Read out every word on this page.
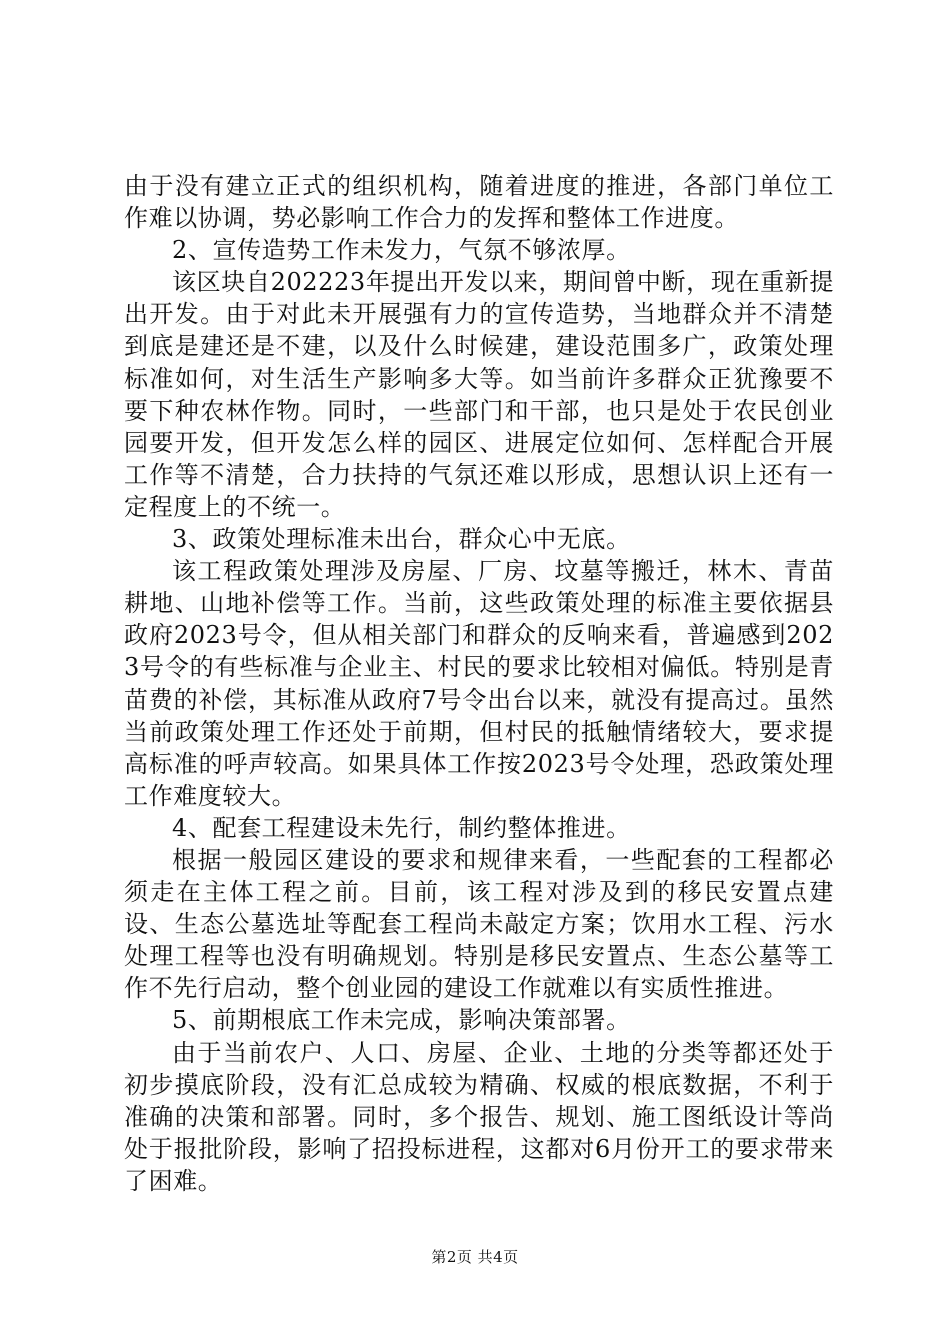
由于没有建立正式的组织机构，随着进度的推进，各部门单位工作难以协调，势必影响工作合力的发挥和整体工作进度。

2、宣传造势工作未发力，气氛不够浓厚。

该区块自202223年提出开发以来，期间曾中断，现在重新提出开发。由于对此未开展强有力的宣传造势，当地群众并不清楚到底是建还是不建，以及什么时候建，建设范围多广，政策处理标准如何，对生活生产影响多大等。如当前许多群众正犹豫要不要下种农林作物。同时，一些部门和干部，也只是处于农民创业园要开发，但开发怎么样的园区、进展定位如何、怎样配合开展工作等不清楚，合力扶持的气氛还难以形成，思想认识上还有一定程度上的不统一。

3、政策处理标准未出台，群众心中无底。

该工程政策处理涉及房屋、厂房、坟墓等搬迁，林木、青苗耕地、山地补偿等工作。当前，这些政策处理的标准主要依据县政府2023号令，但从相关部门和群众的反响来看，普遍感到2023号令的有些标准与企业主、村民的要求比较相对偏低。特别是青苗费的补偿，其标准从政府7号令出台以来，就没有提高过。虽然当前政策处理工作还处于前期，但村民的抵触情绪较大，要求提高标准的呼声较高。如果具体工作按2023号令处理，恐政策处理工作难度较大。

4、配套工程建设未先行，制约整体推进。

根据一般园区建设的要求和规律来看，一些配套的工程都必须走在主体工程之前。目前，该工程对涉及到的移民安置点建设、生态公墓选址等配套工程尚未敲定方案；饮用水工程、污水处理工程等也没有明确规划。特别是移民安置点、生态公墓等工作不先行启动，整个创业园的建设工作就难以有实质性推进。

5、前期根底工作未完成，影响决策部署。

由于当前农户、人口、房屋、企业、土地的分类等都还处于初步摸底阶段，没有汇总成较为精确、权威的根底数据，不利于准确的决策和部署。同时，多个报告、规划、施工图纸设计等尚处于报批阶段，影响了招投标进程，这都对6月份开工的要求带来了困难。

第2页 共4页
